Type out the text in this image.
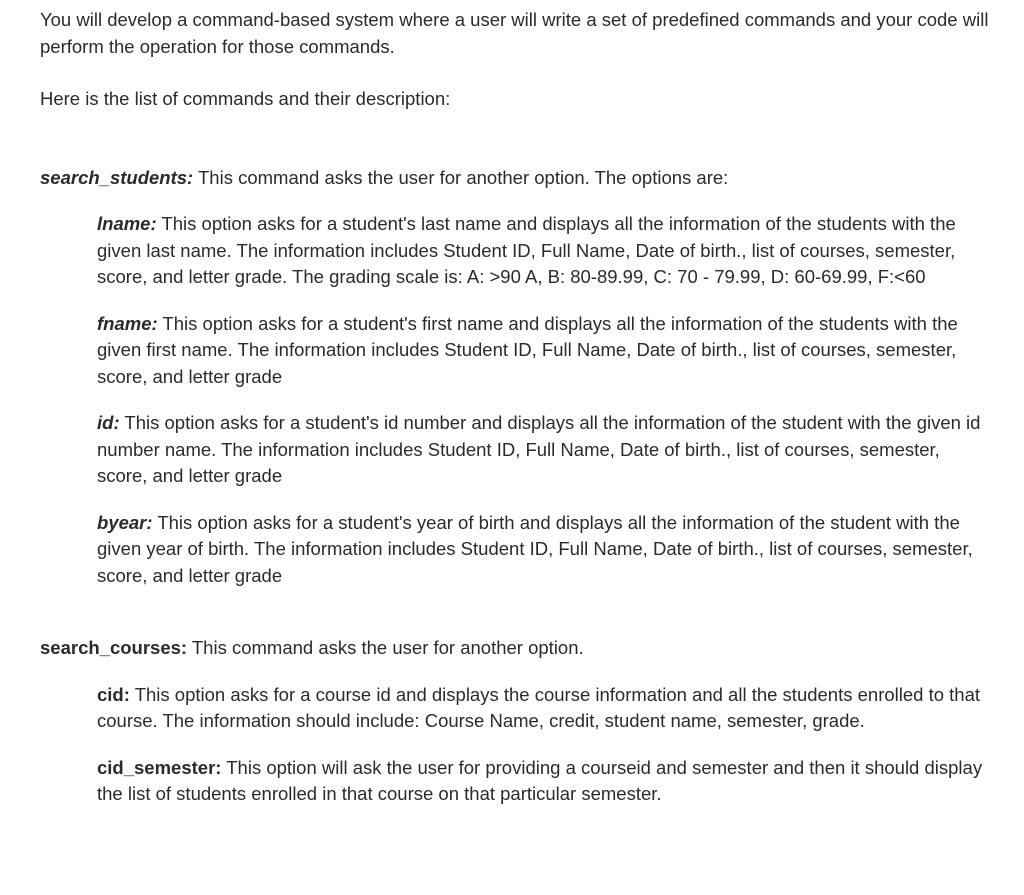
You will develop a command-based system where a user will write a set of predefined commands and your code will perform the operation for those commands.

Here is the list of commands and their description:

search_students: This command asks the user for another option. The options are:

lname: This option asks for a student's last name and displays all the information of the students with the given last name. The information includes Student ID, Full Name, Date of birth., list of courses, semester, score, and letter grade. The grading scale is: A: >90 A, B: 80-89.99, C: 70 - 79.99, D: 60-69.99, F:<60

fname: This option asks for a student's first name and displays all the information of the students with the given first name. The information includes Student ID, Full Name, Date of birth., list of courses, semester, score, and letter grade

id: This option asks for a student's id number and displays all the information of the student with the given id number name. The information includes Student ID, Full Name, Date of birth., list of courses, semester, score, and letter grade

byear: This option asks for a student's year of birth and displays all the information of the student with the given year of birth. The information includes Student ID, Full Name, Date of birth., list of courses, semester, score, and letter grade

search_courses: This command asks the user for another option.

cid: This option asks for a course id and displays the course information and all the students enrolled to that course. The information should include: Course Name, credit, student name, semester, grade.

cid_semester: This option will ask the user for providing a courseid and semester and then it should display the list of students enrolled in that course on that particular semester.
